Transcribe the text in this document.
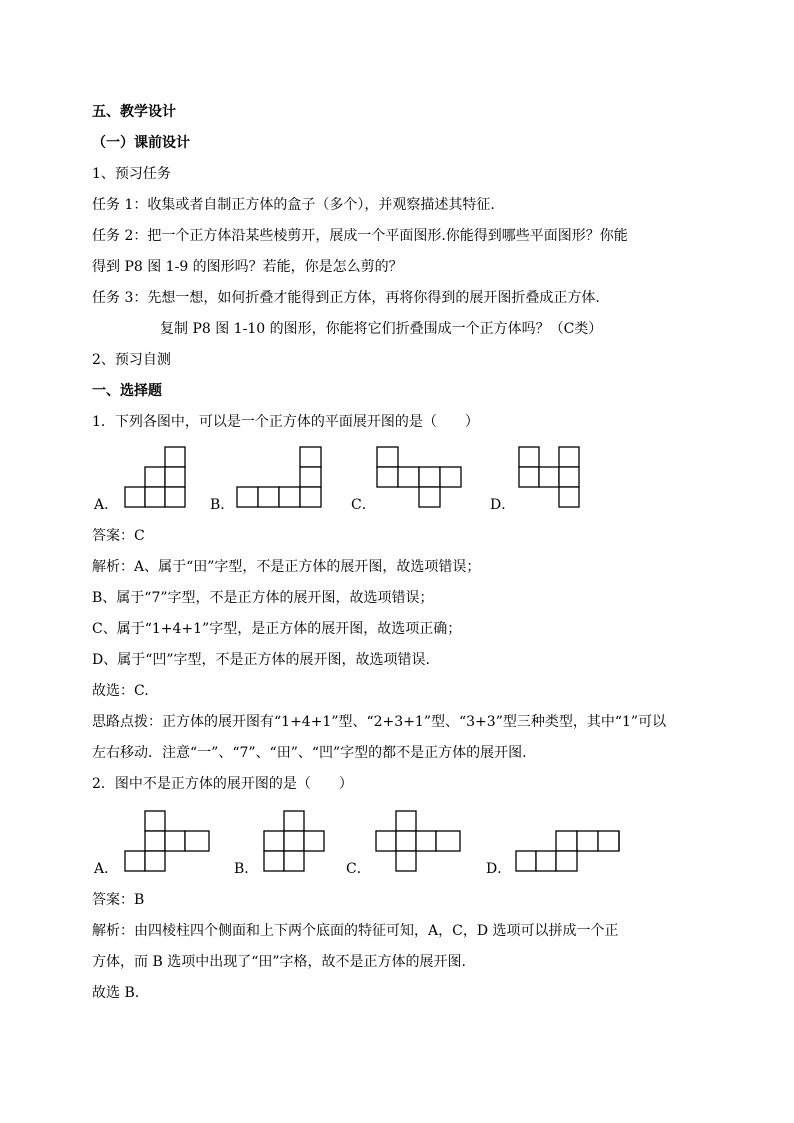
五、教学设计
（一）课前设计
1、预习任务
任务 1：收集或者自制正方体的盒子（多个），并观察描述其特征.
任务 2：把一个正方体沿某些棱剪开，展成一个平面图形.你能得到哪些平面图形？你能
得到 P8 图 1-9 的图形吗？若能，你是怎么剪的？
任务 3：先想一想，如何折叠才能得到正方体，再将你得到的展开图折叠成正方体.
复制 P8 图 1-10 的图形，你能将它们折叠围成一个正方体吗？（C类）
2、预习自测
一、选择题
1．下列各图中，可以是一个正方体的平面展开图的是（　　）
A．	B．	C．	D．
答案：C
解析：A、属于“田”字型，不是正方体的展开图，故选项错误；
B、属于“7”字型，不是正方体的展开图，故选项错误；
C、属于“1+4+1”字型，是正方体的展开图，故选项正确；
D、属于“凹”字型，不是正方体的展开图，故选项错误.
故选：C.
思路点拨：正方体的展开图有“1+4+1”型、“2+3+1”型、“3+3”型三种类型，其中“1”可以
左右移动．注意“一”、“7”、“田”、“凹”字型的都不是正方体的展开图.
2．图中不是正方体的展开图的是（　　）
A．	B．	C．	D．
答案：B
解析：由四棱柱四个侧面和上下两个底面的特征可知，A，C，D 选项可以拼成一个正
方体，而 B 选项中出现了“田”字格，故不是正方体的展开图.
故选 B.
